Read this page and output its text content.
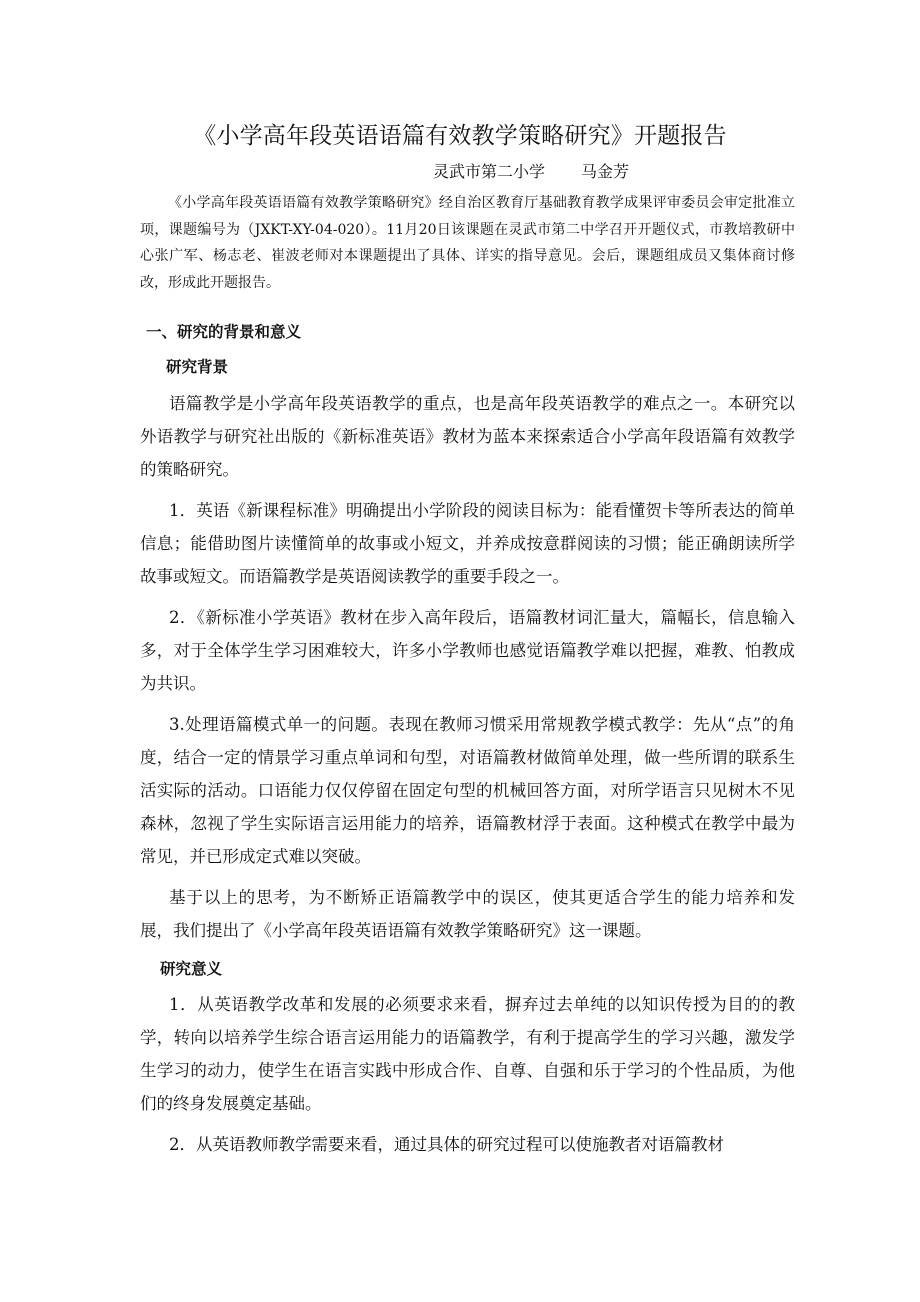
《小学高年段英语语篇有效教学策略研究》开题报告
灵武市第二小学 马金芳
《小学高年段英语语篇有效教学策略研究》经自治区教育厅基础教育教学成果评审委员会审定批准立项，课题编号为（JXKT-XY-04-020）。11月20日该课题在灵武市第二中学召开开题仪式，市教培教研中心张广军、杨志老、崔波老师对本课题提出了具体、详实的指导意见。会后，课题组成员又集体商讨修改，形成此开题报告。
一、研究的背景和意义
研究背景
语篇教学是小学高年段英语教学的重点，也是高年段英语教学的难点之一。本研究以外语教学与研究社出版的《新标准英语》教材为蓝本来探索适合小学高年段语篇有效教学的策略研究。
1．英语《新课程标准》明确提出小学阶段的阅读目标为：能看懂贺卡等所表达的简单信息；能借助图片读懂简单的故事或小短文，并养成按意群阅读的习惯；能正确朗读所学故事或短文。而语篇教学是英语阅读教学的重要手段之一。
2．《新标准小学英语》教材在步入高年段后，语篇教材词汇量大，篇幅长，信息输入多，对于全体学生学习困难较大，许多小学教师也感觉语篇教学难以把握，难教、怕教成为共识。
3.处理语篇模式单一的问题。表现在教师习惯采用常规教学模式教学：先从“点”的角度，结合一定的情景学习重点单词和句型，对语篇教材做简单处理，做一些所谓的联系生活实际的活动。口语能力仅仅停留在固定句型的机械回答方面，对所学语言只见树木不见森林，忽视了学生实际语言运用能力的培养，语篇教材浮于表面。这种模式在教学中最为常见，并已形成定式难以突破。
基于以上的思考，为不断矫正语篇教学中的误区，使其更适合学生的能力培养和发展，我们提出了《小学高年段英语语篇有效教学策略研究》这一课题。
研究意义
1．从英语教学改革和发展的必须要求来看，摒弃过去单纯的以知识传授为目的的教学，转向以培养学生综合语言运用能力的语篇教学，有利于提高学生的学习兴趣，激发学生学习的动力，使学生在语言实践中形成合作、自尊、自强和乐于学习的个性品质，为他们的终身发展奠定基础。
2．从英语教师教学需要来看，通过具体的研究过程可以使施教者对语篇教材
